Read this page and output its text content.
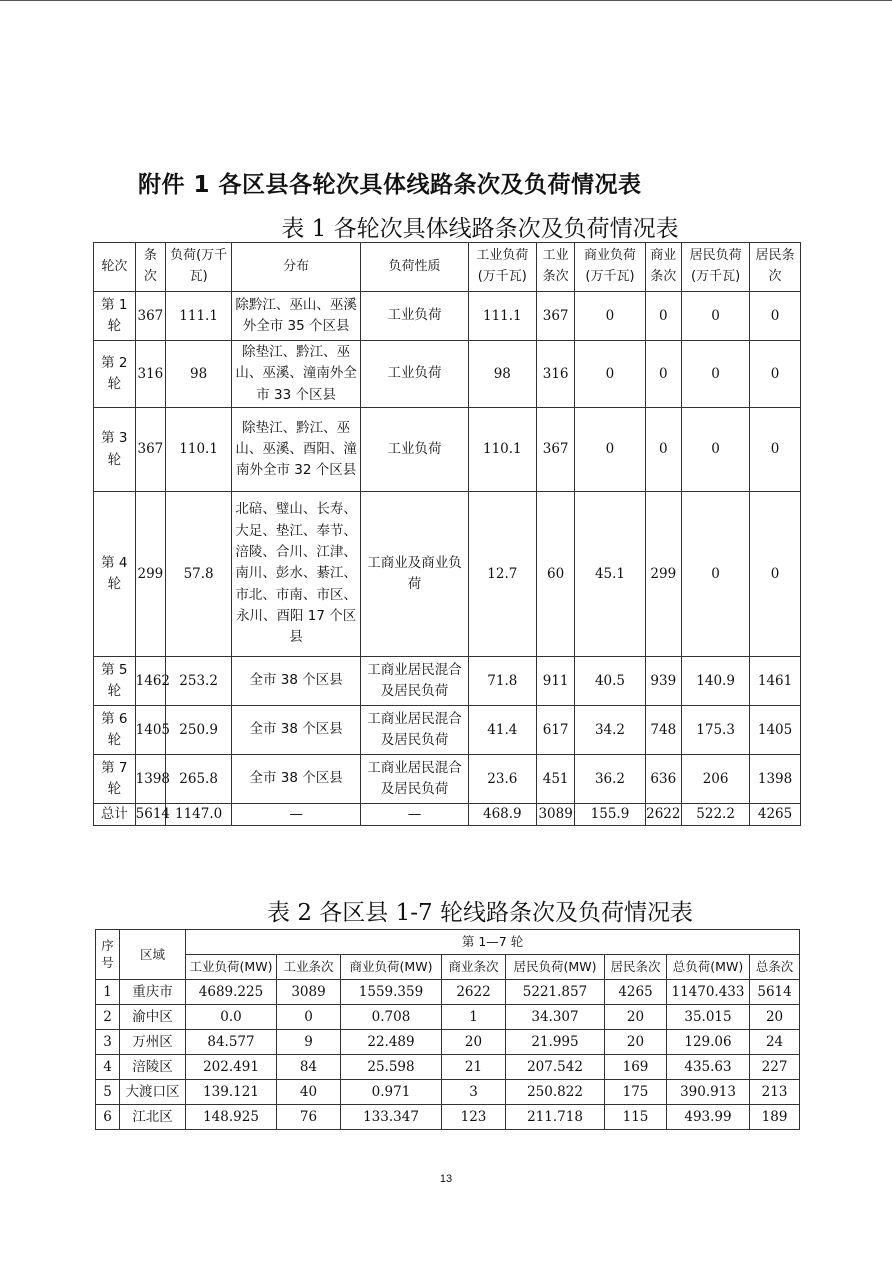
附件 1 各区县各轮次具体线路条次及负荷情况表
表 1 各轮次具体线路条次及负荷情况表
轮次	条次	负荷(万千瓦)	分布	负荷性质	工业负荷(万千瓦)	工业条次	商业负荷(万千瓦)	商业条次	居民负荷(万千瓦)	居民条次
第 1 轮	367	111.1	除黔江、巫山、巫溪外全市 35 个区县	工业负荷	111.1	367	0	0	0	0
第 2 轮	316	98	除垫江、黔江、巫山、巫溪、潼南外全市 33 个区县	工业负荷	98	316	0	0	0	0
第 3 轮	367	110.1	除垫江、黔江、巫山、巫溪、酉阳、潼南外全市 32 个区县	工业负荷	110.1	367	0	0	0	0
第 4 轮	299	57.8	北碚、璧山、长寿、大足、垫江、奉节、涪陵、合川、江津、南川、彭水、綦江、市北、市南、市区、永川、酉阳 17 个区县	工商业及商业负荷	12.7	60	45.1	299	0	0
第 5 轮	1462	253.2	全市 38 个区县	工商业居民混合及居民负荷	71.8	911	40.5	939	140.9	1461
第 6 轮	1405	250.9	全市 38 个区县	工商业居民混合及居民负荷	41.4	617	34.2	748	175.3	1405
第 7 轮	1398	265.8	全市 38 个区县	工商业居民混合及居民负荷	23.6	451	36.2	636	206	1398
总计	5614	1147.0	—	—	468.9	3089	155.9	2622	522.2	4265
表 2 各区县 1-7 轮线路条次及负荷情况表
序号	区域	第 1—7 轮							
		工业负荷(MW)	工业条次	商业负荷(MW)	商业条次	居民负荷(MW)	居民条次	总负荷(MW)	总条次
1	重庆市	4689.225	3089	1559.359	2622	5221.857	4265	11470.433	5614
2	渝中区	0.0	0	0.708	1	34.307	20	35.015	20
3	万州区	84.577	9	22.489	20	21.995	20	129.06	24
4	涪陵区	202.491	84	25.598	21	207.542	169	435.63	227
5	大渡口区	139.121	40	0.971	3	250.822	175	390.913	213
6	江北区	148.925	76	133.347	123	211.718	115	493.99	189
13
